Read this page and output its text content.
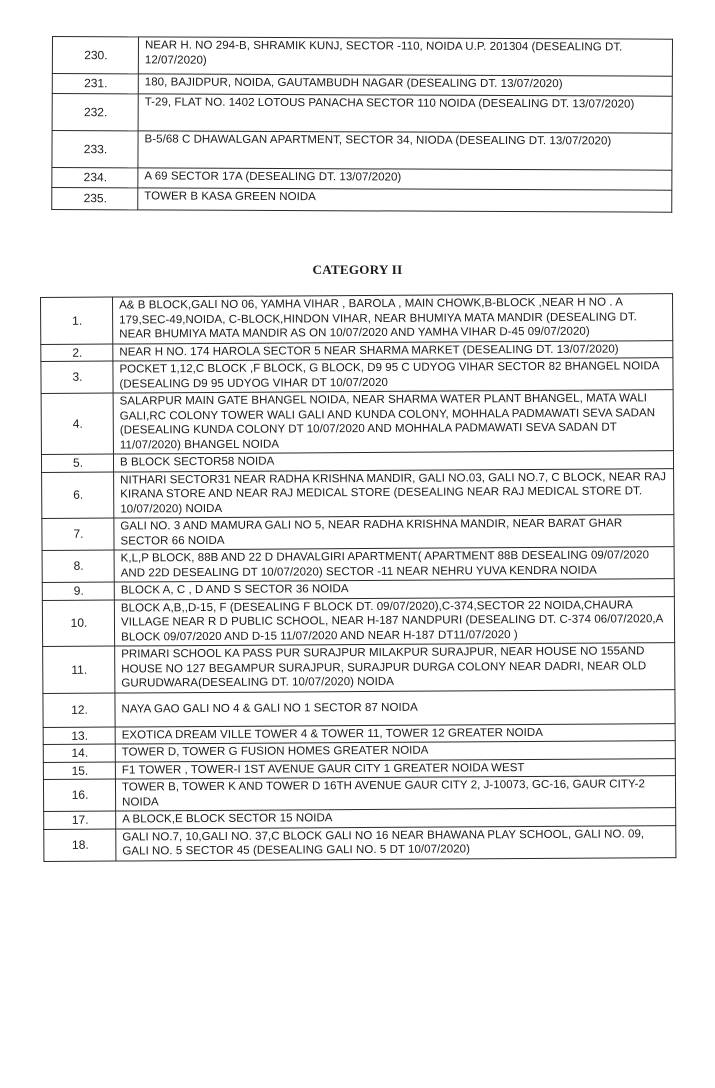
230.	NEAR H. NO 294-B, SHRAMIK KUNJ, SECTOR -110, NOIDA U.P. 201304 (DESEALING DT. 12/07/2020)
231.	180, BAJIDPUR, NOIDA, GAUTAMBUDH NAGAR (DESEALING DT. 13/07/2020)
232.	T-29, FLAT NO. 1402 LOTOUS PANACHA SECTOR 110 NOIDA (DESEALING DT. 13/07/2020)
233.	B-5/68 C DHAWALGAN APARTMENT, SECTOR 34, NIODA (DESEALING DT. 13/07/2020)
234.	A 69 SECTOR 17A (DESEALING DT. 13/07/2020)
235.	TOWER B KASA GREEN NOIDA
CATEGORY II
1.	A& B BLOCK,GALI NO 06, YAMHA VIHAR , BAROLA , MAIN CHOWK,B-BLOCK ,NEAR H NO . A 179,SEC-49,NOIDA, C-BLOCK,HINDON VIHAR, NEAR BHUMIYA MATA MANDIR (DESEALING DT. NEAR BHUMIYA MATA MANDIR AS ON 10/07/2020 AND YAMHA VIHAR D-45 09/07/2020)
2.	NEAR H NO. 174 HAROLA SECTOR 5 NEAR SHARMA MARKET (DESEALING DT. 13/07/2020)
3.	POCKET 1,12,C BLOCK ,F BLOCK, G BLOCK, D9 95 C UDYOG VIHAR SECTOR 82 BHANGEL NOIDA (DESEALING D9 95 UDYOG VIHAR DT 10/07/2020
4.	SALARPUR MAIN GATE BHANGEL NOIDA, NEAR SHARMA WATER PLANT BHANGEL, MATA WALI GALI,RC COLONY TOWER WALI GALI AND KUNDA COLONY, MOHHALA PADMAWATI SEVA SADAN (DESEALING KUNDA COLONY DT 10/07/2020 AND MOHHALA PADMAWATI SEVA SADAN DT 11/07/2020) BHANGEL NOIDA
5.	B BLOCK SECTOR58 NOIDA
6.	NITHARI SECTOR31 NEAR RADHA KRISHNA MANDIR, GALI NO.03, GALI NO.7, C BLOCK, NEAR RAJ KIRANA STORE AND NEAR RAJ MEDICAL STORE (DESEALING NEAR RAJ MEDICAL STORE DT. 10/07/2020) NOIDA
7.	GALI NO. 3 AND MAMURA GALI NO 5, NEAR RADHA KRISHNA MANDIR, NEAR BARAT GHAR SECTOR 66 NOIDA
8.	K,L,P BLOCK, 88B AND 22 D DHAVALGIRI APARTMENT( APARTMENT 88B DESEALING 09/07/2020 AND 22D DESEALING DT 10/07/2020) SECTOR -11 NEAR NEHRU YUVA KENDRA NOIDA
9.	BLOCK A, C , D AND S SECTOR 36 NOIDA
10.	BLOCK A,B,,D-15, F (DESEALING F BLOCK DT. 09/07/2020),C-374,SECTOR 22 NOIDA,CHAURA VILLAGE NEAR R D PUBLIC SCHOOL, NEAR H-187 NANDPURI (DESEALING DT. C-374 06/07/2020,A BLOCK 09/07/2020 AND D-15 11/07/2020 AND NEAR H-187 DT11/07/2020 )
11.	PRIMARI SCHOOL KA PASS PUR SURAJPUR MILAKPUR SURAJPUR, NEAR HOUSE NO 155AND HOUSE NO 127 BEGAMPUR SURAJPUR, SURAJPUR DURGA COLONY NEAR DADRI, NEAR OLD GURUDWARA(DESEALING DT. 10/07/2020) NOIDA
12.	NAYA GAO GALI NO 4 & GALI NO 1 SECTOR 87 NOIDA
13.	EXOTICA DREAM VILLE TOWER 4 & TOWER 11, TOWER 12 GREATER NOIDA
14.	TOWER D, TOWER G FUSION HOMES GREATER NOIDA
15.	F1 TOWER , TOWER-I 1ST AVENUE GAUR CITY 1 GREATER NOIDA WEST
16.	TOWER B, TOWER K AND TOWER D 16TH AVENUE GAUR CITY 2, J-10073, GC-16, GAUR CITY-2 NOIDA
17.	A BLOCK,E BLOCK SECTOR 15 NOIDA
18.	GALI NO.7, 10,GALI NO. 37,C BLOCK GALI NO 16 NEAR BHAWANA PLAY SCHOOL, GALI NO. 09, GALI NO. 5 SECTOR 45 (DESEALING GALI NO. 5 DT 10/07/2020)
